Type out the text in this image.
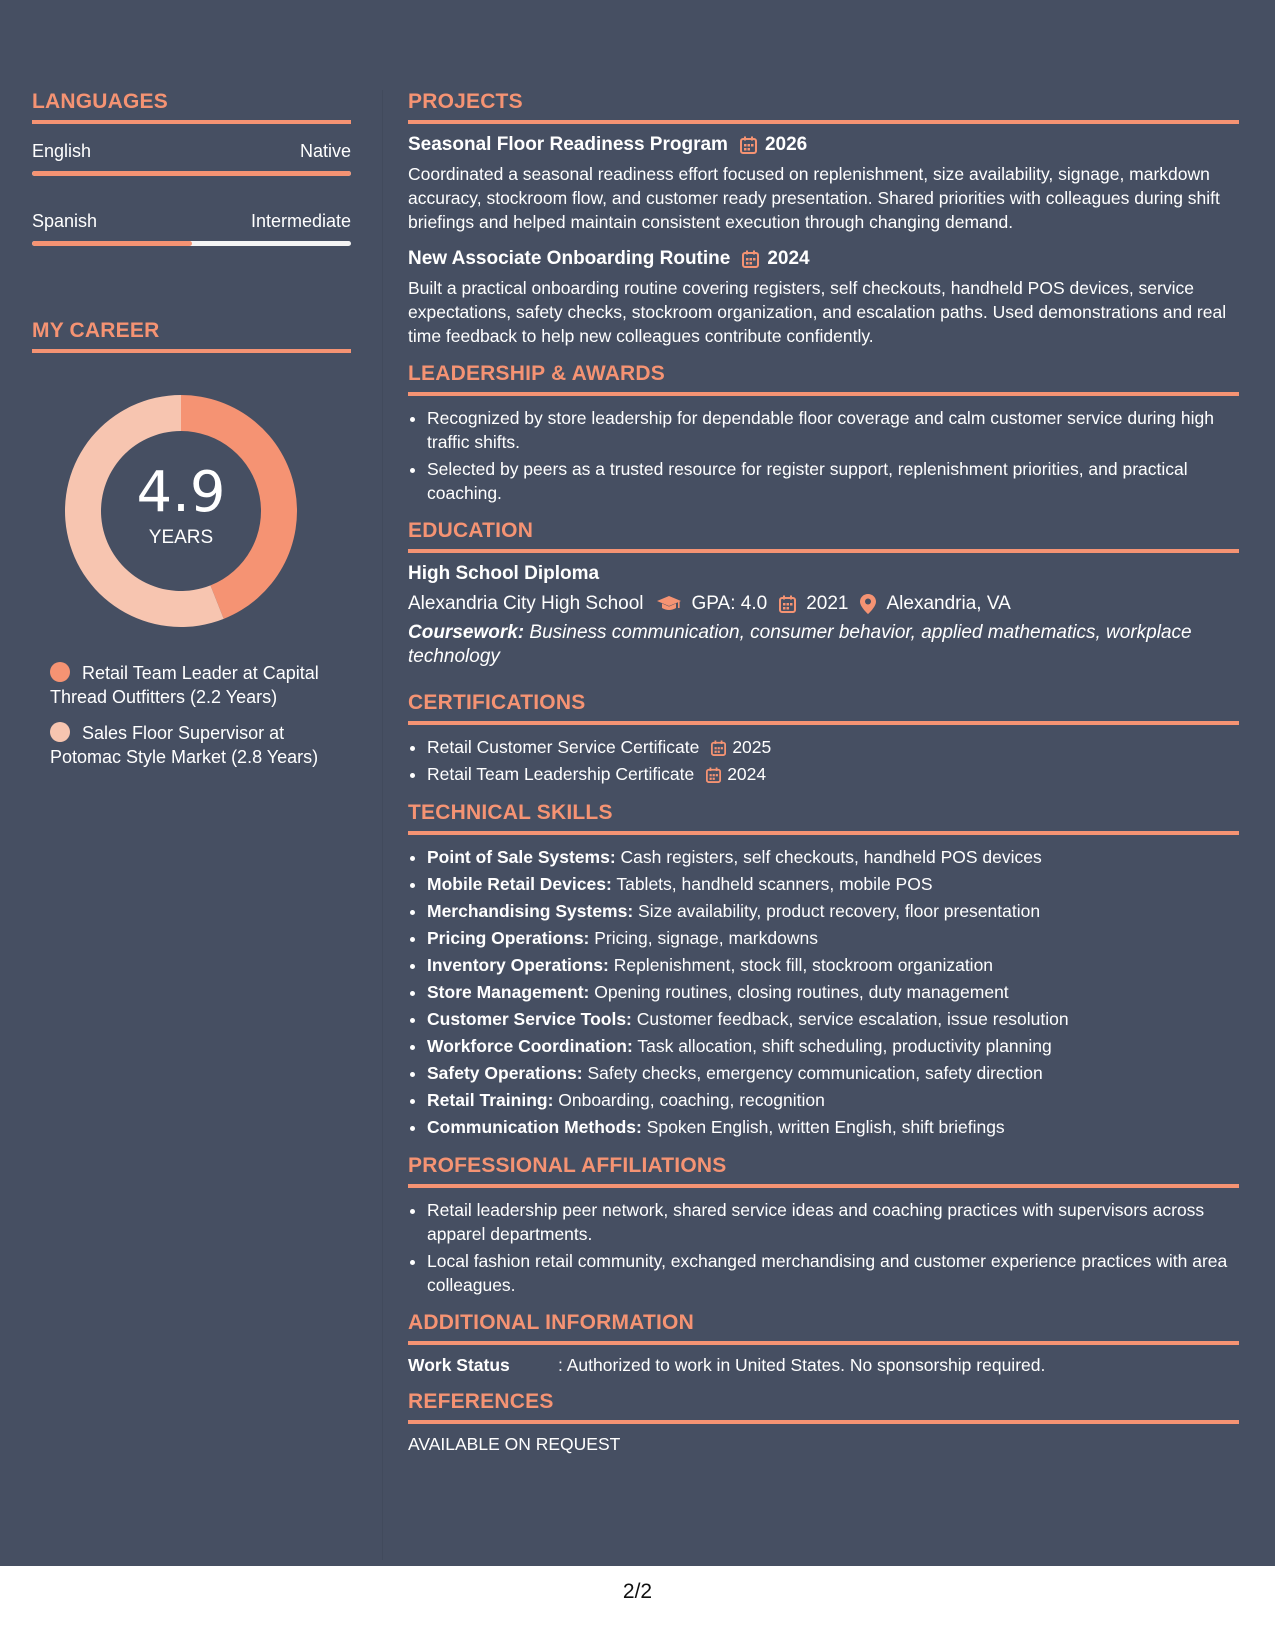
LANGUAGES
English	Native
Spanish	Intermediate
MY CAREER
4.9
YEARS
Retail Team Leader at Capital Thread Outfitters (2.2 Years)
Sales Floor Supervisor at Potomac Style Market (2.8 Years)
PROJECTS
Seasonal Floor Readiness Program 2026
Coordinated a seasonal readiness effort focused on replenishment, size availability, signage, markdown accuracy, stockroom flow, and customer ready presentation. Shared priorities with colleagues during shift briefings and helped maintain consistent execution through changing demand.
New Associate Onboarding Routine 2024
Built a practical onboarding routine covering registers, self checkouts, handheld POS devices, service expectations, safety checks, stockroom organization, and escalation paths. Used demonstrations and real time feedback to help new colleagues contribute confidently.
LEADERSHIP & AWARDS
• Recognized by store leadership for dependable floor coverage and calm customer service during high traffic shifts.
• Selected by peers as a trusted resource for register support, replenishment priorities, and practical coaching.
EDUCATION
High School Diploma
Alexandria City High School	GPA: 4.0 2021 Alexandria, VA
Coursework: Business communication, consumer behavior, applied mathematics, workplace technology
CERTIFICATIONS
• Retail Customer Service Certificate 2025
• Retail Team Leadership Certificate 2024
TECHNICAL SKILLS
• Point of Sale Systems: Cash registers, self checkouts, handheld POS devices
• Mobile Retail Devices: Tablets, handheld scanners, mobile POS
• Merchandising Systems: Size availability, product recovery, floor presentation
• Pricing Operations: Pricing, signage, markdowns
• Inventory Operations: Replenishment, stock fill, stockroom organization
• Store Management: Opening routines, closing routines, duty management
• Customer Service Tools: Customer feedback, service escalation, issue resolution
• Workforce Coordination: Task allocation, shift scheduling, productivity planning
• Safety Operations: Safety checks, emergency communication, safety direction
• Retail Training: Onboarding, coaching, recognition
• Communication Methods: Spoken English, written English, shift briefings
PROFESSIONAL AFFILIATIONS
• Retail leadership peer network, shared service ideas and coaching practices with supervisors across apparel departments.
• Local fashion retail community, exchanged merchandising and customer experience practices with area colleagues.
ADDITIONAL INFORMATION
Work Status	: Authorized to work in United States. No sponsorship required.
REFERENCES
AVAILABLE ON REQUEST
2/2
